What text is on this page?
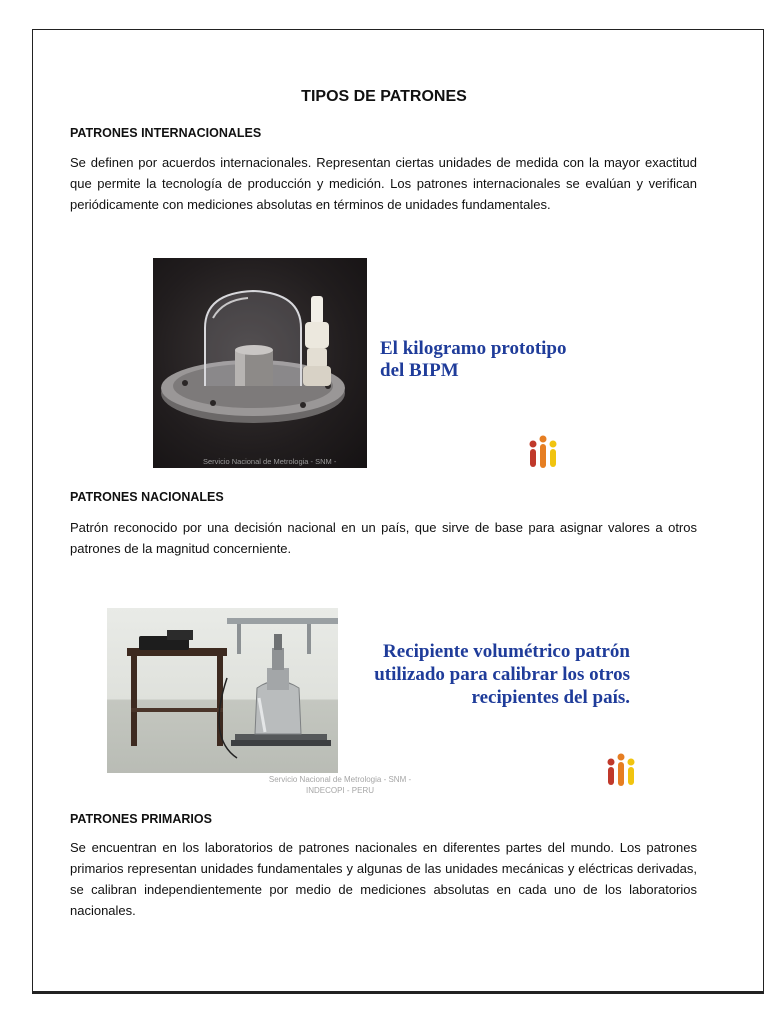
TIPOS DE PATRONES
PATRONES INTERNACIONALES
Se definen por acuerdos internacionales. Representan ciertas unidades de medida con la mayor exactitud que permite la tecnología de producción y medición. Los patrones internacionales se evalúan y verifican periódicamente con mediciones absolutas en términos de unidades fundamentales.
Servicio Nacional de Metrologia - SNM -
El kilogramo prototipo
del BIPM
PATRONES NACIONALES
Patrón reconocido por una decisión nacional en un país, que sirve de base para asignar valores a otros patrones de la magnitud concerniente.
Recipiente volumétrico patrón
utilizado para calibrar los otros
recipientes del país.
Servicio Nacional de Metrologia - SNM -
INDECOPI - PERU
PATRONES PRIMARIOS
Se encuentran en los laboratorios de patrones nacionales en diferentes partes del mundo. Los patrones primarios representan unidades fundamentales y algunas de las unidades mecánicas y eléctricas derivadas, se calibran independientemente por medio de mediciones absolutas en cada uno de los laboratorios nacionales.
